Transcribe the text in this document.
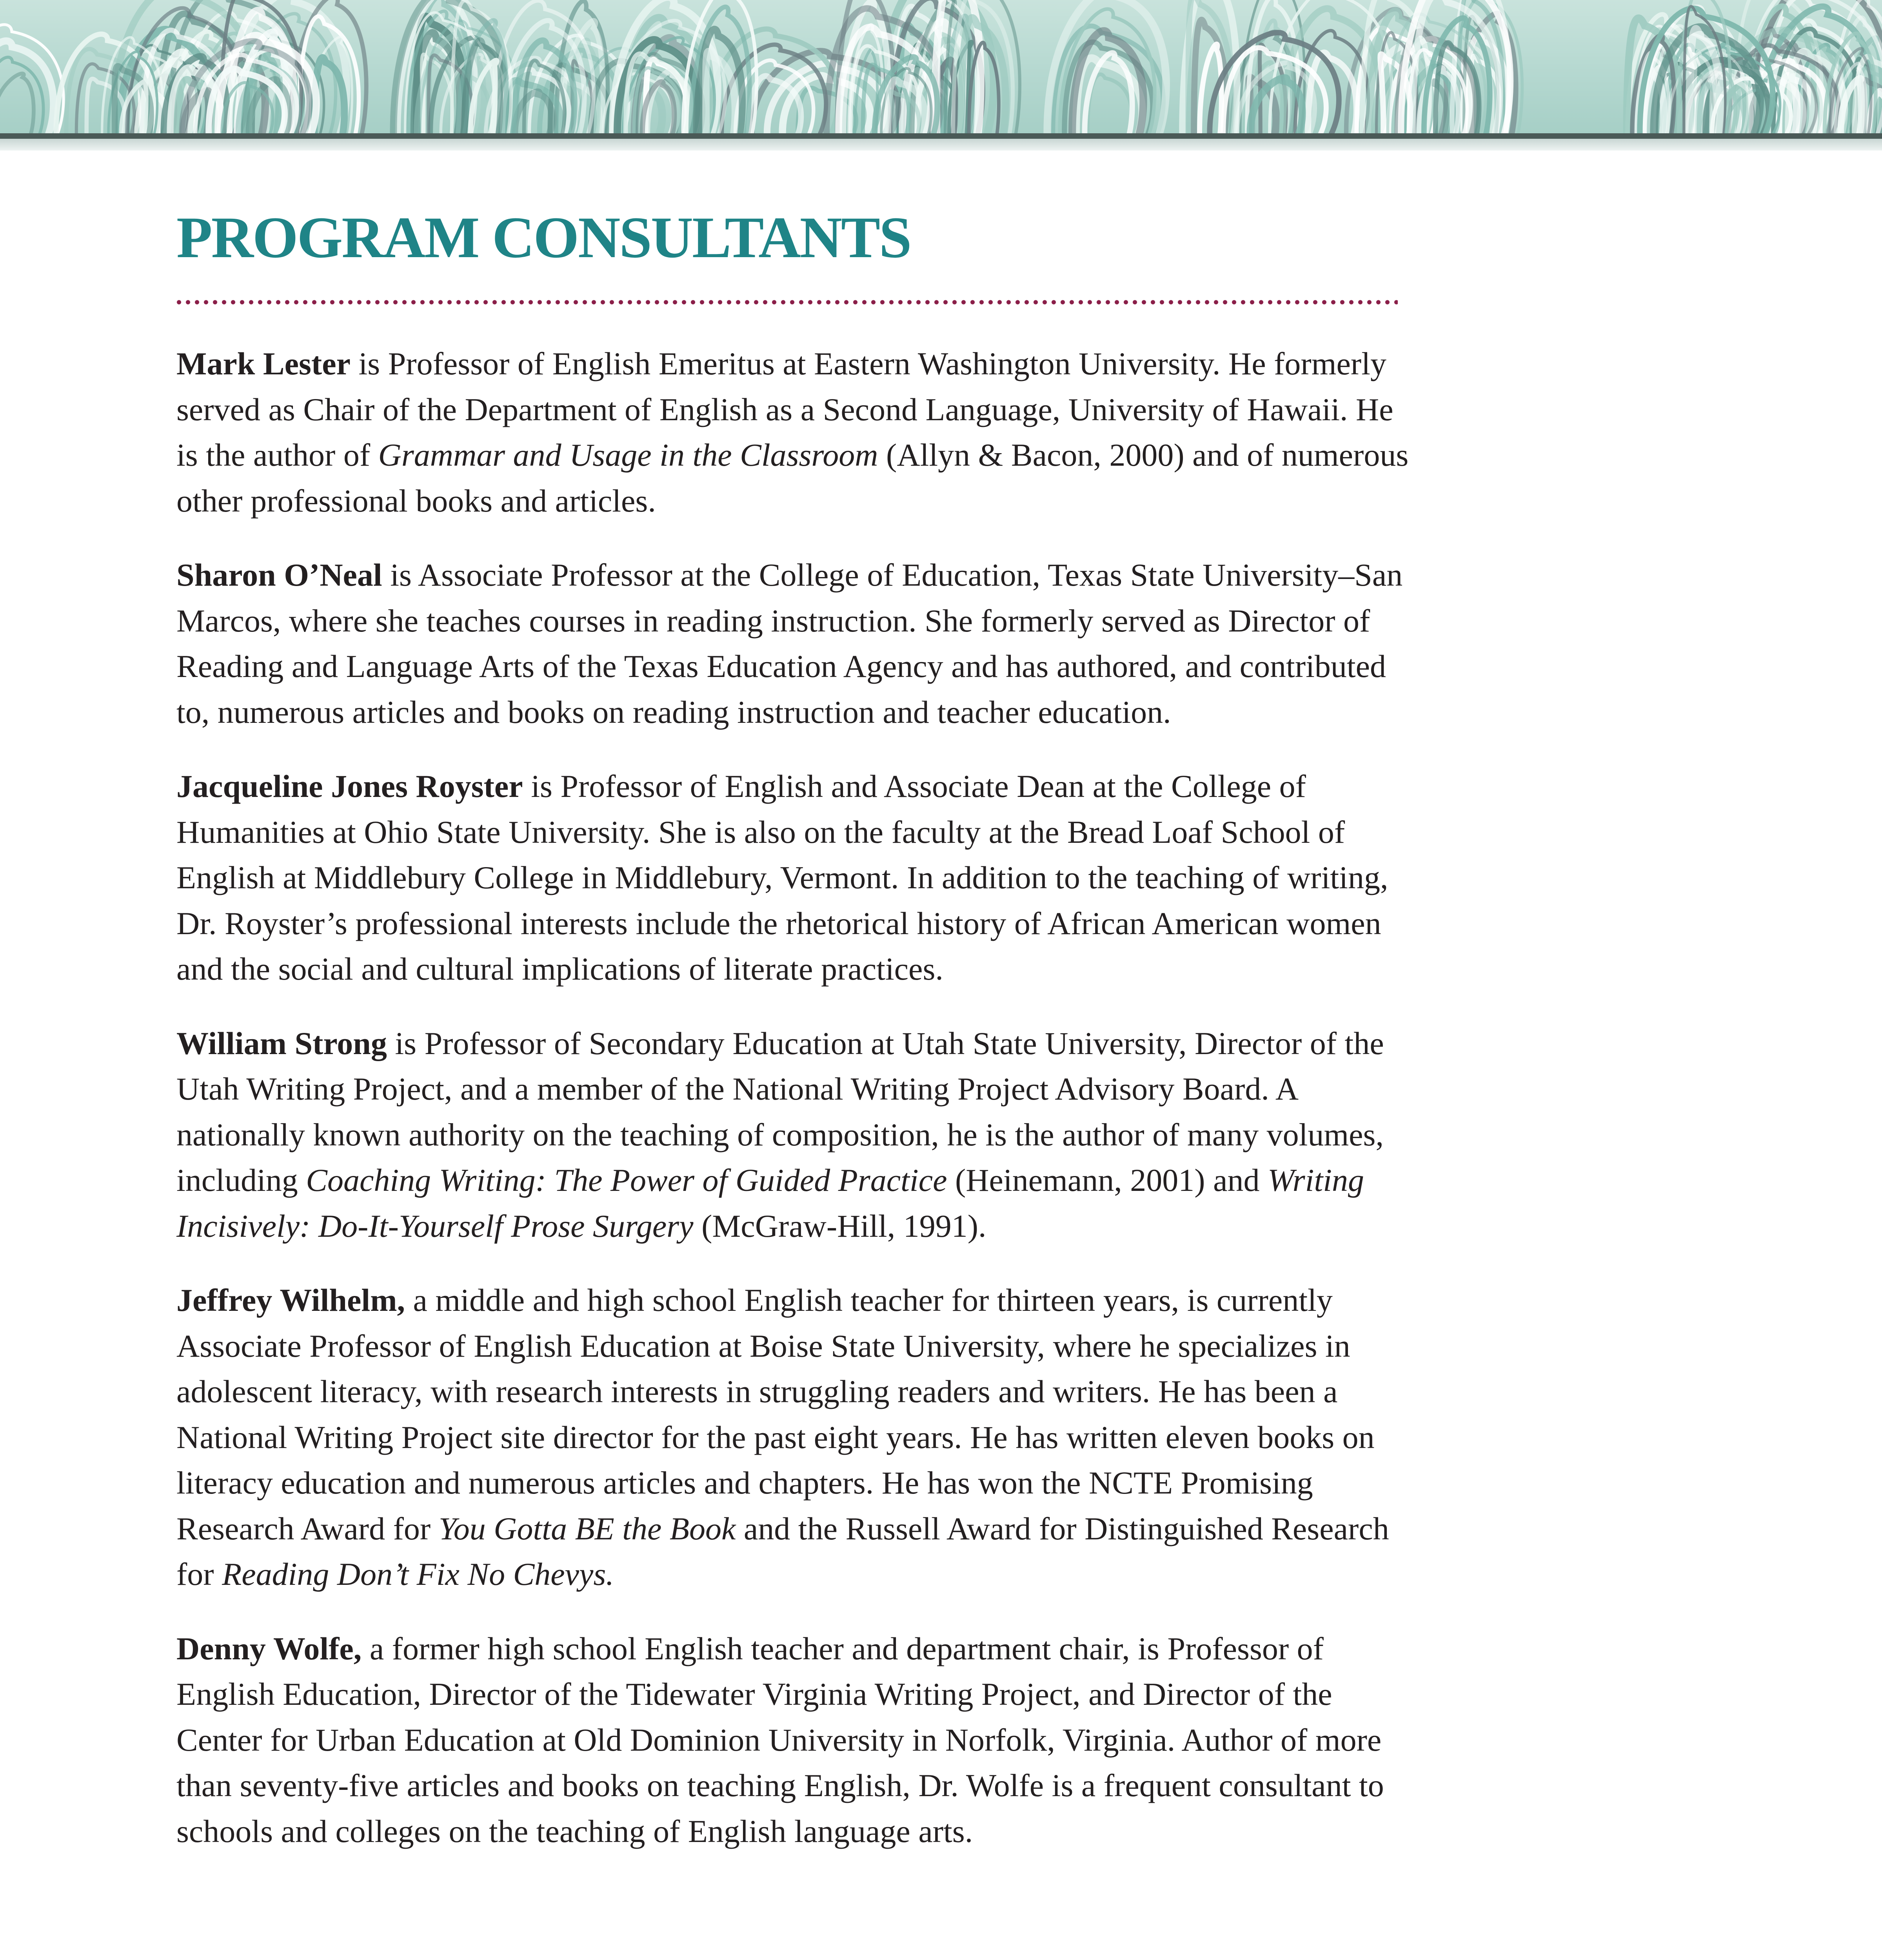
PROGRAM CONSULTANTS

Mark Lester is Professor of English Emeritus at Eastern Washington University. He formerly served as Chair of the Department of English as a Second Language, University of Hawaii. He is the author of Grammar and Usage in the Classroom (Allyn & Bacon, 2000) and of numerous other professional books and articles.

Sharon O’Neal is Associate Professor at the College of Education, Texas State University–San Marcos, where she teaches courses in reading instruction. She formerly served as Director of Reading and Language Arts of the Texas Education Agency and has authored, and contributed to, numerous articles and books on reading instruction and teacher education.

Jacqueline Jones Royster is Professor of English and Associate Dean at the College of Humanities at Ohio State University. She is also on the faculty at the Bread Loaf School of English at Middlebury College in Middlebury, Vermont. In addition to the teaching of writing, Dr. Royster’s professional interests include the rhetorical history of African American women and the social and cultural implications of literate practices.

William Strong is Professor of Secondary Education at Utah State University, Director of the Utah Writing Project, and a member of the National Writing Project Advisory Board. A nationally known authority on the teaching of composition, he is the author of many volumes, including Coaching Writing: The Power of Guided Practice (Heinemann, 2001) and Writing Incisively: Do-It-Yourself Prose Surgery (McGraw-Hill, 1991).

Jeffrey Wilhelm, a middle and high school English teacher for thirteen years, is currently Associate Professor of English Education at Boise State University, where he specializes in adolescent literacy, with research interests in struggling readers and writers. He has been a National Writing Project site director for the past eight years. He has written eleven books on literacy education and numerous articles and chapters. He has won the NCTE Promising Research Award for You Gotta BE the Book and the Russell Award for Distinguished Research for Reading Don’t Fix No Chevys.

Denny Wolfe, a former high school English teacher and department chair, is Professor of English Education, Director of the Tidewater Virginia Writing Project, and Director of the Center for Urban Education at Old Dominion University in Norfolk, Virginia. Author of more than seventy-five articles and books on teaching English, Dr. Wolfe is a frequent consultant to schools and colleges on the teaching of English language arts.
